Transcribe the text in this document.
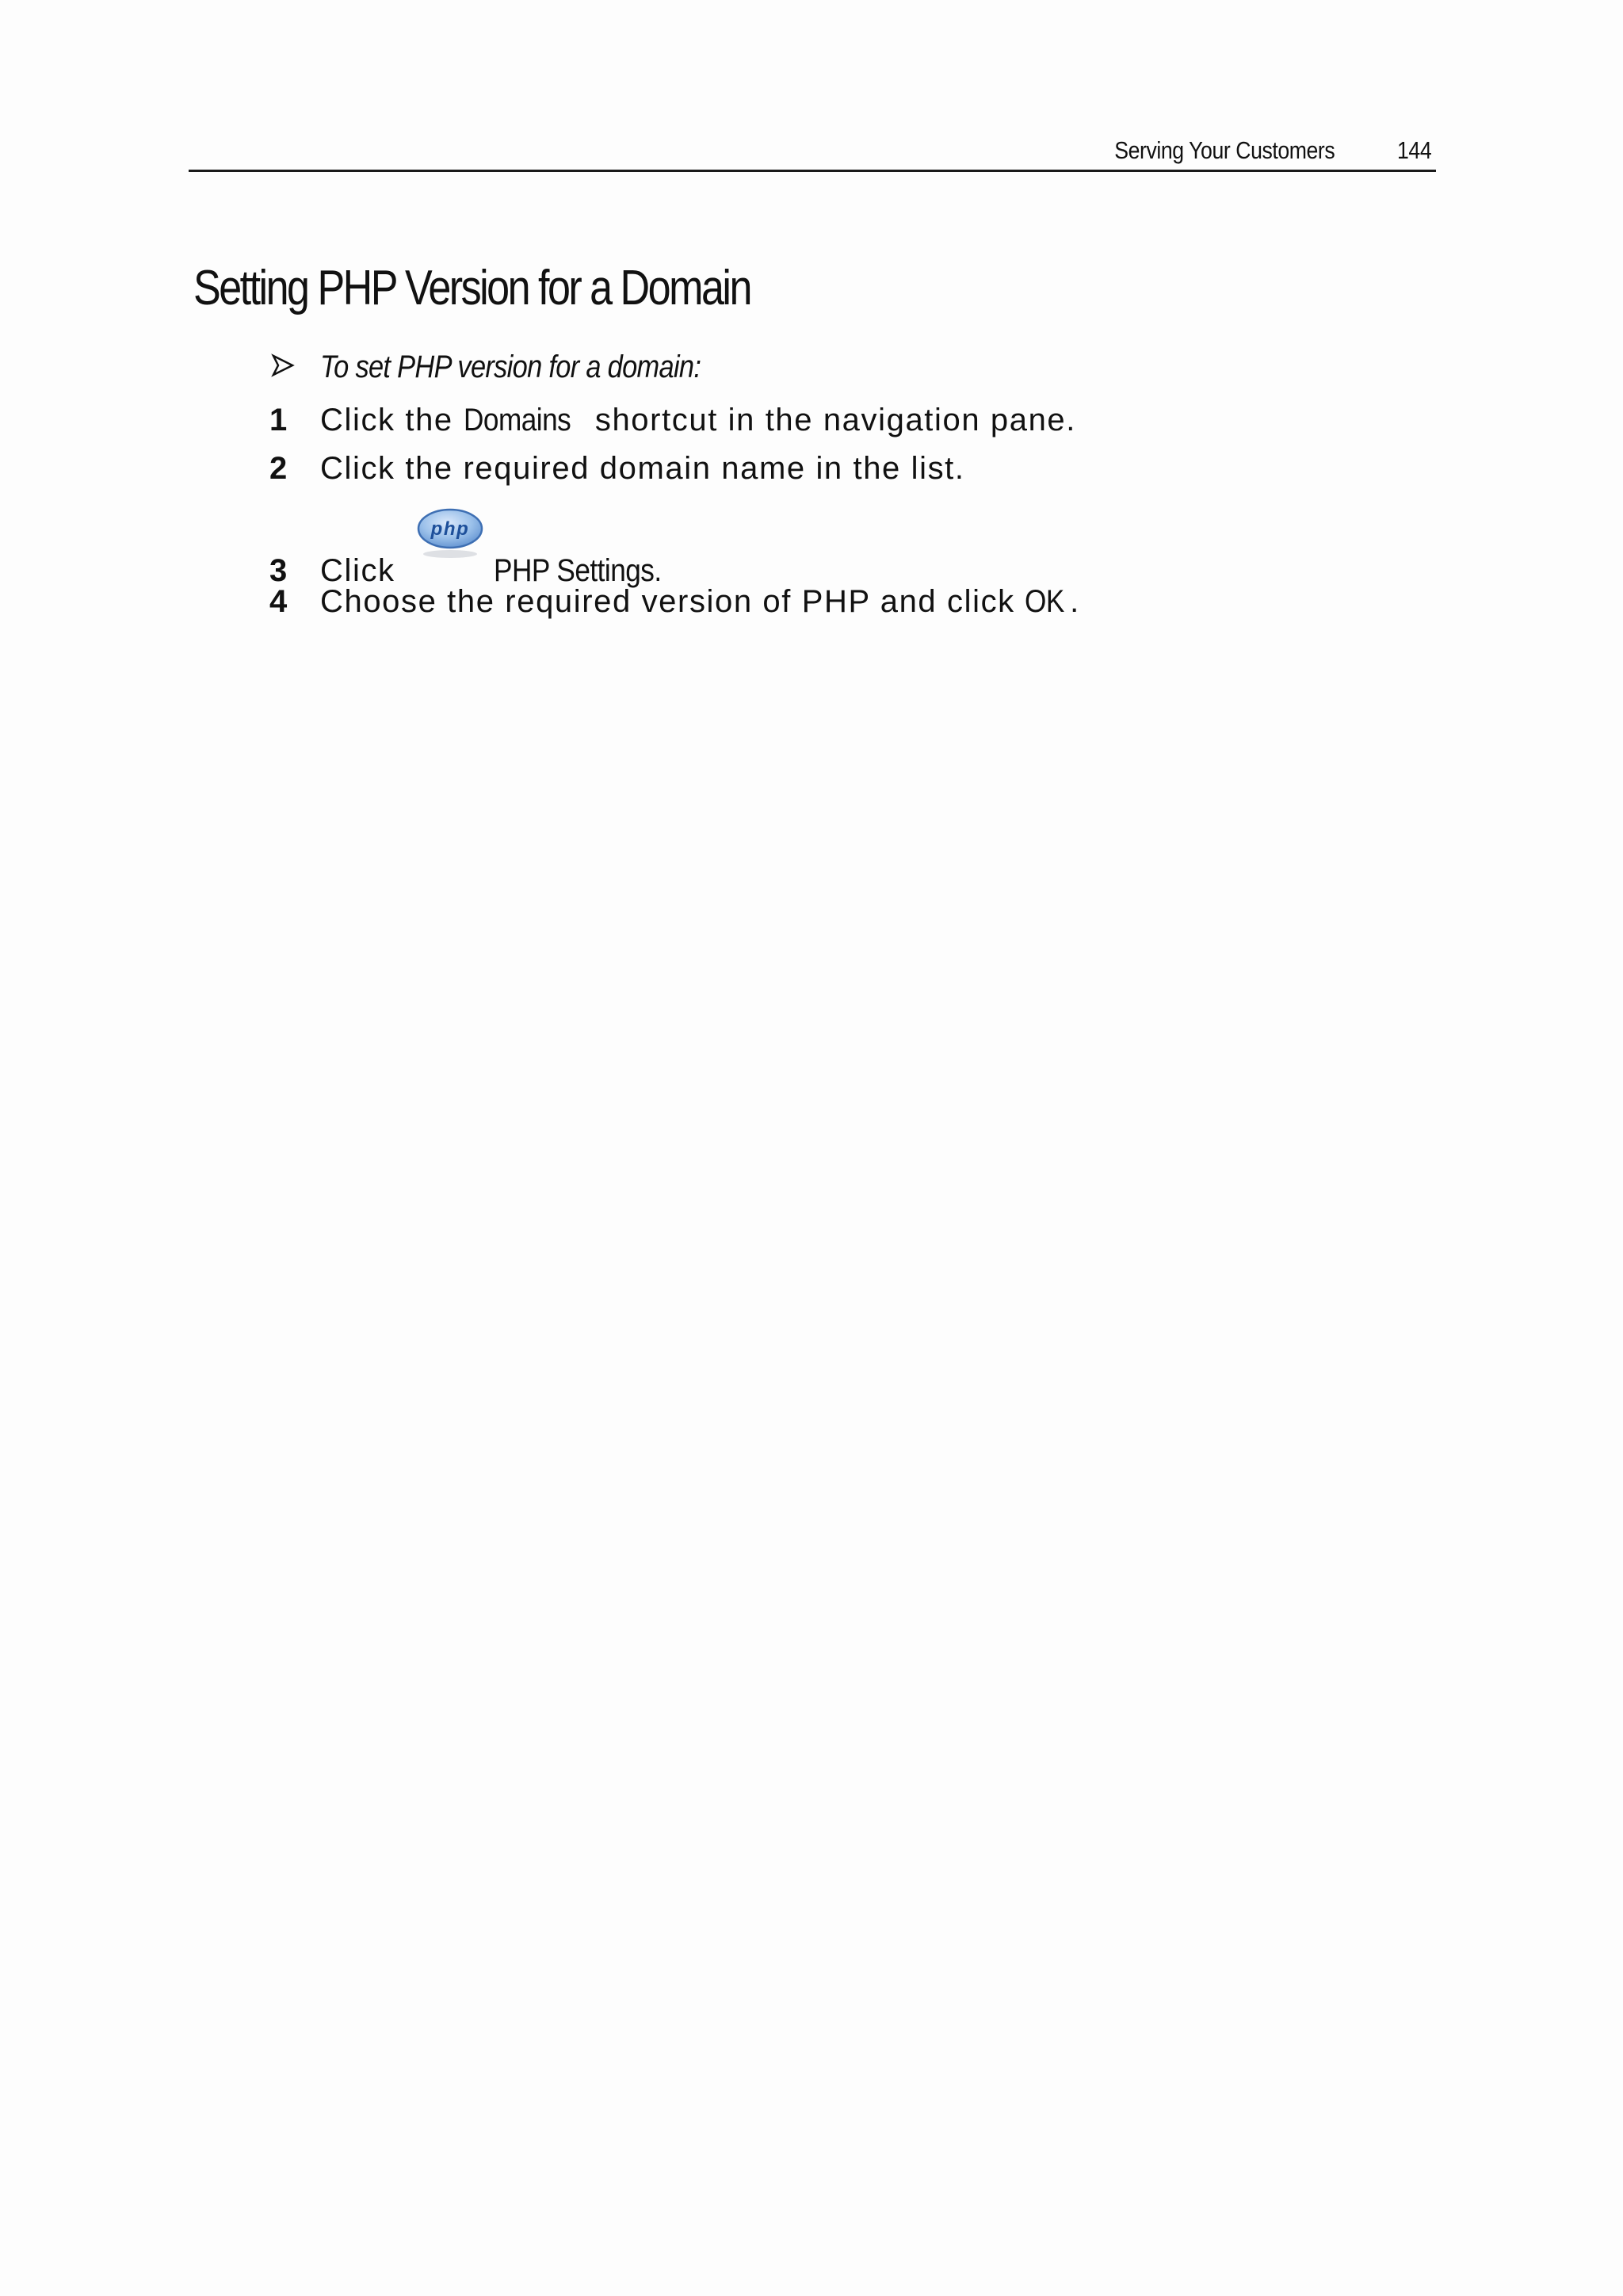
Serving Your Customers	144
Setting PHP Version for a Domain
To set PHP version for a domain:
1 Click the Domains shortcut in the navigation pane.
2 Click the required domain name in the list.
3 Click
php
PHP Settings.
4 Choose the required version of PHP and click OK .
